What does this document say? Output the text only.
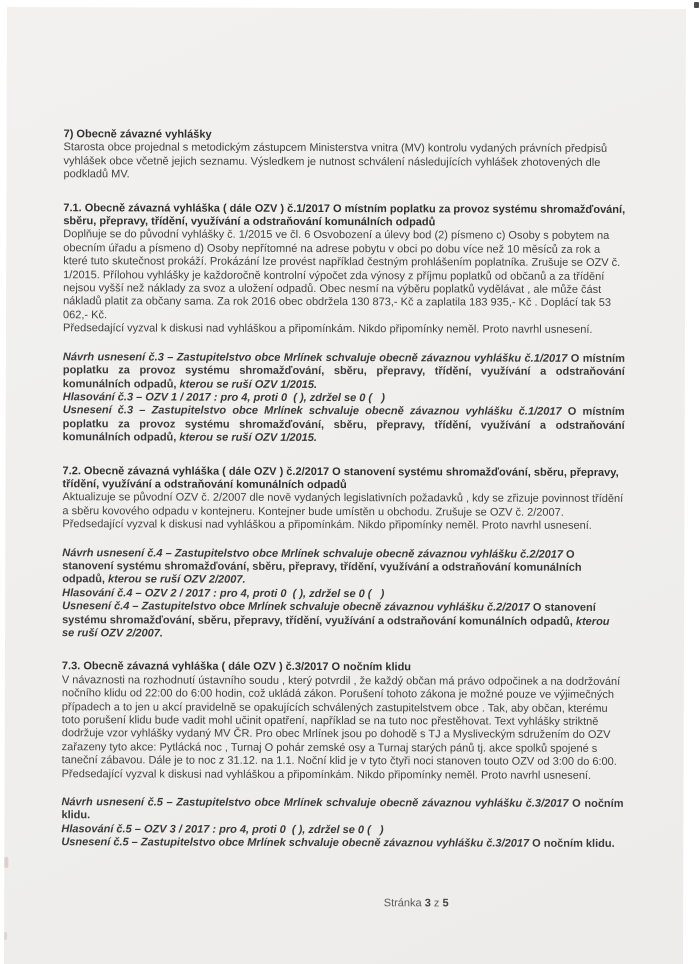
7) Obecně závazné vyhlášky

Starosta obce projednal s metodickým zástupcem Ministerstva vnitra (MV) kontrolu vydaných právních předpisů vyhlášek obce včetně jejich seznamu. Výsledkem je nutnost schválení následujících vyhlášek zhotovených dle podkladů MV.

7.1. Obecně závazná vyhláška ( dále OZV ) č.1/2017 O místním poplatku za provoz systému shromažďování, sběru, přepravy, třídění, využívání a odstraňování komunálních odpadů

Doplňuje se do původní vyhlášky č. 1/2015 ve čl. 6 Osvobození a úlevy bod (2) písmeno c) Osoby s pobytem na obecním úřadu a písmeno d) Osoby nepřítomné na adrese pobytu v obci po dobu více než 10 měsíců za rok a které tuto skutečnost prokáží. Prokázání lze provést například čestným prohlášením poplatníka. Zrušuje se OZV č. 1/2015. Přílohou vyhlášky je každoročně kontrolní výpočet zda výnosy z příjmu poplatků od občanů a za třídění nejsou vyšší než náklady za svoz a uložení odpadů. Obec nesmí na výběru poplatků vydělávat , ale může část nákladů platit za občany sama. Za rok 2016 obec obdržela 130 873,- Kč a zaplatila 183 935,- Kč . Doplácí tak 53 062,- Kč.

Předsedající vyzval k diskusi nad vyhláškou a připomínkám. Nikdo připomínky neměl. Proto navrhl usnesení.

Návrh usnesení č.3 – Zastupitelstvo obce Mrlínek schvaluje obecně závaznou vyhlášku č.1/2017 O místním poplatku za provoz systému shromažďování, sběru, přepravy, třídění, využívání a odstraňování komunálních odpadů, kterou se ruší OZV 1/2015.

Hlasování č.3 – OZV 1 / 2017 : pro 4, proti 0  ( ), zdržel se 0 (   )

Usnesení č.3 – Zastupitelstvo obce Mrlínek schvaluje obecně závaznou vyhlášku č.1/2017 O místním poplatku za provoz systému shromažďování, sběru, přepravy, třídění, využívání a odstraňování komunálních odpadů, kterou se ruší OZV 1/2015.

7.2. Obecně závazná vyhláška ( dále OZV ) č.2/2017 O stanovení systému shromažďování, sběru, přepravy, třídění, využívání a odstraňování komunálních odpadů

Aktualizuje se původní OZV č. 2/2007 dle nově vydaných legislativních požadavků , kdy se zřizuje povinnost třídění a sběru kovového odpadu v kontejneru. Kontejner bude umístěn u obchodu. Zrušuje se OZV č. 2/2007. Předsedající vyzval k diskusi nad vyhláškou a připomínkám. Nikdo připomínky neměl. Proto navrhl usnesení.

Návrh usnesení č.4 – Zastupitelstvo obce Mrlínek schvaluje obecně závaznou vyhlášku č.2/2017 O stanovení systému shromažďování, sběru, přepravy, třídění, využívání a odstraňování komunálních odpadů, kterou se ruší OZV 2/2007.

Hlasování č.4 – OZV 2 / 2017 : pro 4, proti 0  ( ), zdržel se 0 (   )

Usnesení č.4 – Zastupitelstvo obce Mrlínek schvaluje obecně závaznou vyhlášku č.2/2017 O stanovení systému shromažďování, sběru, přepravy, třídění, využívání a odstraňování komunálních odpadů, kterou se ruší OZV 2/2007.

7.3. Obecně závazná vyhláška ( dále OZV ) č.3/2017 O nočním klidu

V návaznosti na rozhodnutí ústavního soudu , který potvrdil , že každý občan má právo odpočinek a na dodržování nočního klidu od 22:00 do 6:00 hodin, což ukládá zákon. Porušení tohoto zákona je možné pouze ve výjimečných případech a to jen u akcí pravidelně se opakujících schválených zastupitelstvem obce . Tak, aby občan, kterému toto porušení klidu bude vadit mohl učinit opatření, například se na tuto noc přestěhovat. Text vyhlášky striktně dodržuje vzor vyhlášky vydaný MV ČR. Pro obec Mrlínek jsou po dohodě s TJ a Mysliveckým sdružením do OZV zařazeny tyto akce: Pytlácká noc , Turnaj O pohár zemské osy a Turnaj starých pánů tj. akce spolků spojené s taneční zábavou. Dále je to noc z 31.12. na 1.1. Noční klid je v tyto čtyři noci stanoven touto OZV od 3:00 do 6:00. Předsedající vyzval k diskusi nad vyhláškou a připomínkám. Nikdo připomínky neměl. Proto navrhl usnesení.

Návrh usnesení č.5 – Zastupitelstvo obce Mrlínek schvaluje obecně závaznou vyhlášku č.3/2017 O nočním klidu.

Hlasování č.5 – OZV 3 / 2017 : pro 4, proti 0  ( ), zdržel se 0 (   )

Usnesení č.5 – Zastupitelstvo obce Mrlínek schvaluje obecně závaznou vyhlášku č.3/2017 O nočním klidu.

Stránka 3 z 5
